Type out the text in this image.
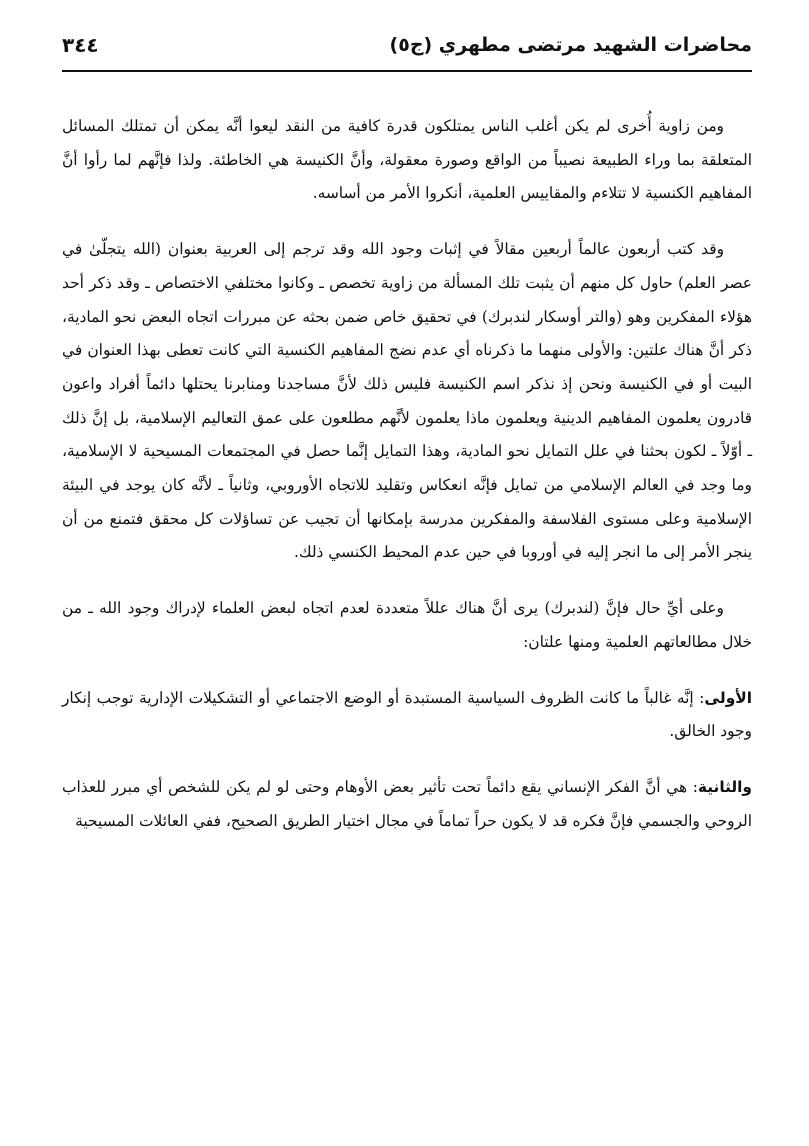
محاضرات الشهيد مرتضى مطهري (ج٥)
٣٤٤

ومن زاوية أُخرى لم يكن أغلب الناس يمتلكون قدرة كافية من النقد ليعوا أنَّه يمكن أن تمتلك المسائل المتعلقة بما وراء الطبيعة نصيباً من الواقع وصورة معقولة، وأنَّ الكنيسة هي الخاطئة. ولذا فإنَّهم لما رأوا أنَّ المفاهيم الكنسية لا تتلاءم والمقاييس العلمية، أنكروا الأمر من أساسه.

وقد كتب أربعون عالماً أربعين مقالاً في إثبات وجود الله وقد ترجم إلى العربية بعنوان (الله يتجلّىٰ في عصر العلم) حاول كل منهم أن يثبت تلك المسألة من زاوية تخصص ـ وكانوا مختلفي الاختصاص ـ وقد ذكر أحد هؤلاء المفكرين وهو (والتر أوسكار لندبرك) في تحقيق خاص ضمن بحثه عن مبررات اتجاه البعض نحو المادية، ذكر أنَّ هناك علتين: والأولى منهما ما ذكرناه أي عدم نضج المفاهيم الكنسية التي كانت تعطى بهذا العنوان في البيت أو في الكنيسة ونحن إذ نذكر اسم الكنيسة فليس ذلك لأنَّ مساجدنا ومنابرنا يحتلها دائماً أفراد واعون قادرون يعلمون المفاهيم الدينية ويعلمون ماذا يعلمون لأنَّهم مطلعون على عمق التعاليم الإسلامية، بل إنَّ ذلك ـ أوّلاً ـ لكون بحثنا في علل التمايل نحو المادية، وهذا التمايل إنَّما حصل في المجتمعات المسيحية لا الإسلامية، وما وجد في العالم الإسلامي من تمايل فإنَّه انعكاس وتقليد للاتجاه الأوروبي، وثانياً ـ لأنَّه كان يوجد في البيئة الإسلامية وعلى مستوى الفلاسفة والمفكرين مدرسة بإمكانها أن تجيب عن تساؤلات كل محقق فتمنع من أن ينجر الأمر إلى ما انجر إليه في أوروبا في حين عدم المحيط الكنسي ذلك.

وعلى أيِّ حال فإنَّ (لندبرك) يرى أنَّ هناك عللاً متعددة لعدم اتجاه لبعض العلماء لإدراك وجود الله ـ من خلال مطالعاتهم العلمية ومنها علتان:

الأولى: إنَّه غالباً ما كانت الظروف السياسية المستبدة أو الوضع الاجتماعي أو التشكيلات الإدارية توجب إنكار وجود الخالق.

والثانية: هي أنَّ الفكر الإنساني يقع دائماً تحت تأثير بعض الأوهام وحتى لو لم يكن للشخص أي مبرر للعذاب الروحي والجسمي فإنَّ فكره قد لا يكون حراً تماماً في مجال اختيار الطريق الصحيح، ففي العائلات المسيحية
